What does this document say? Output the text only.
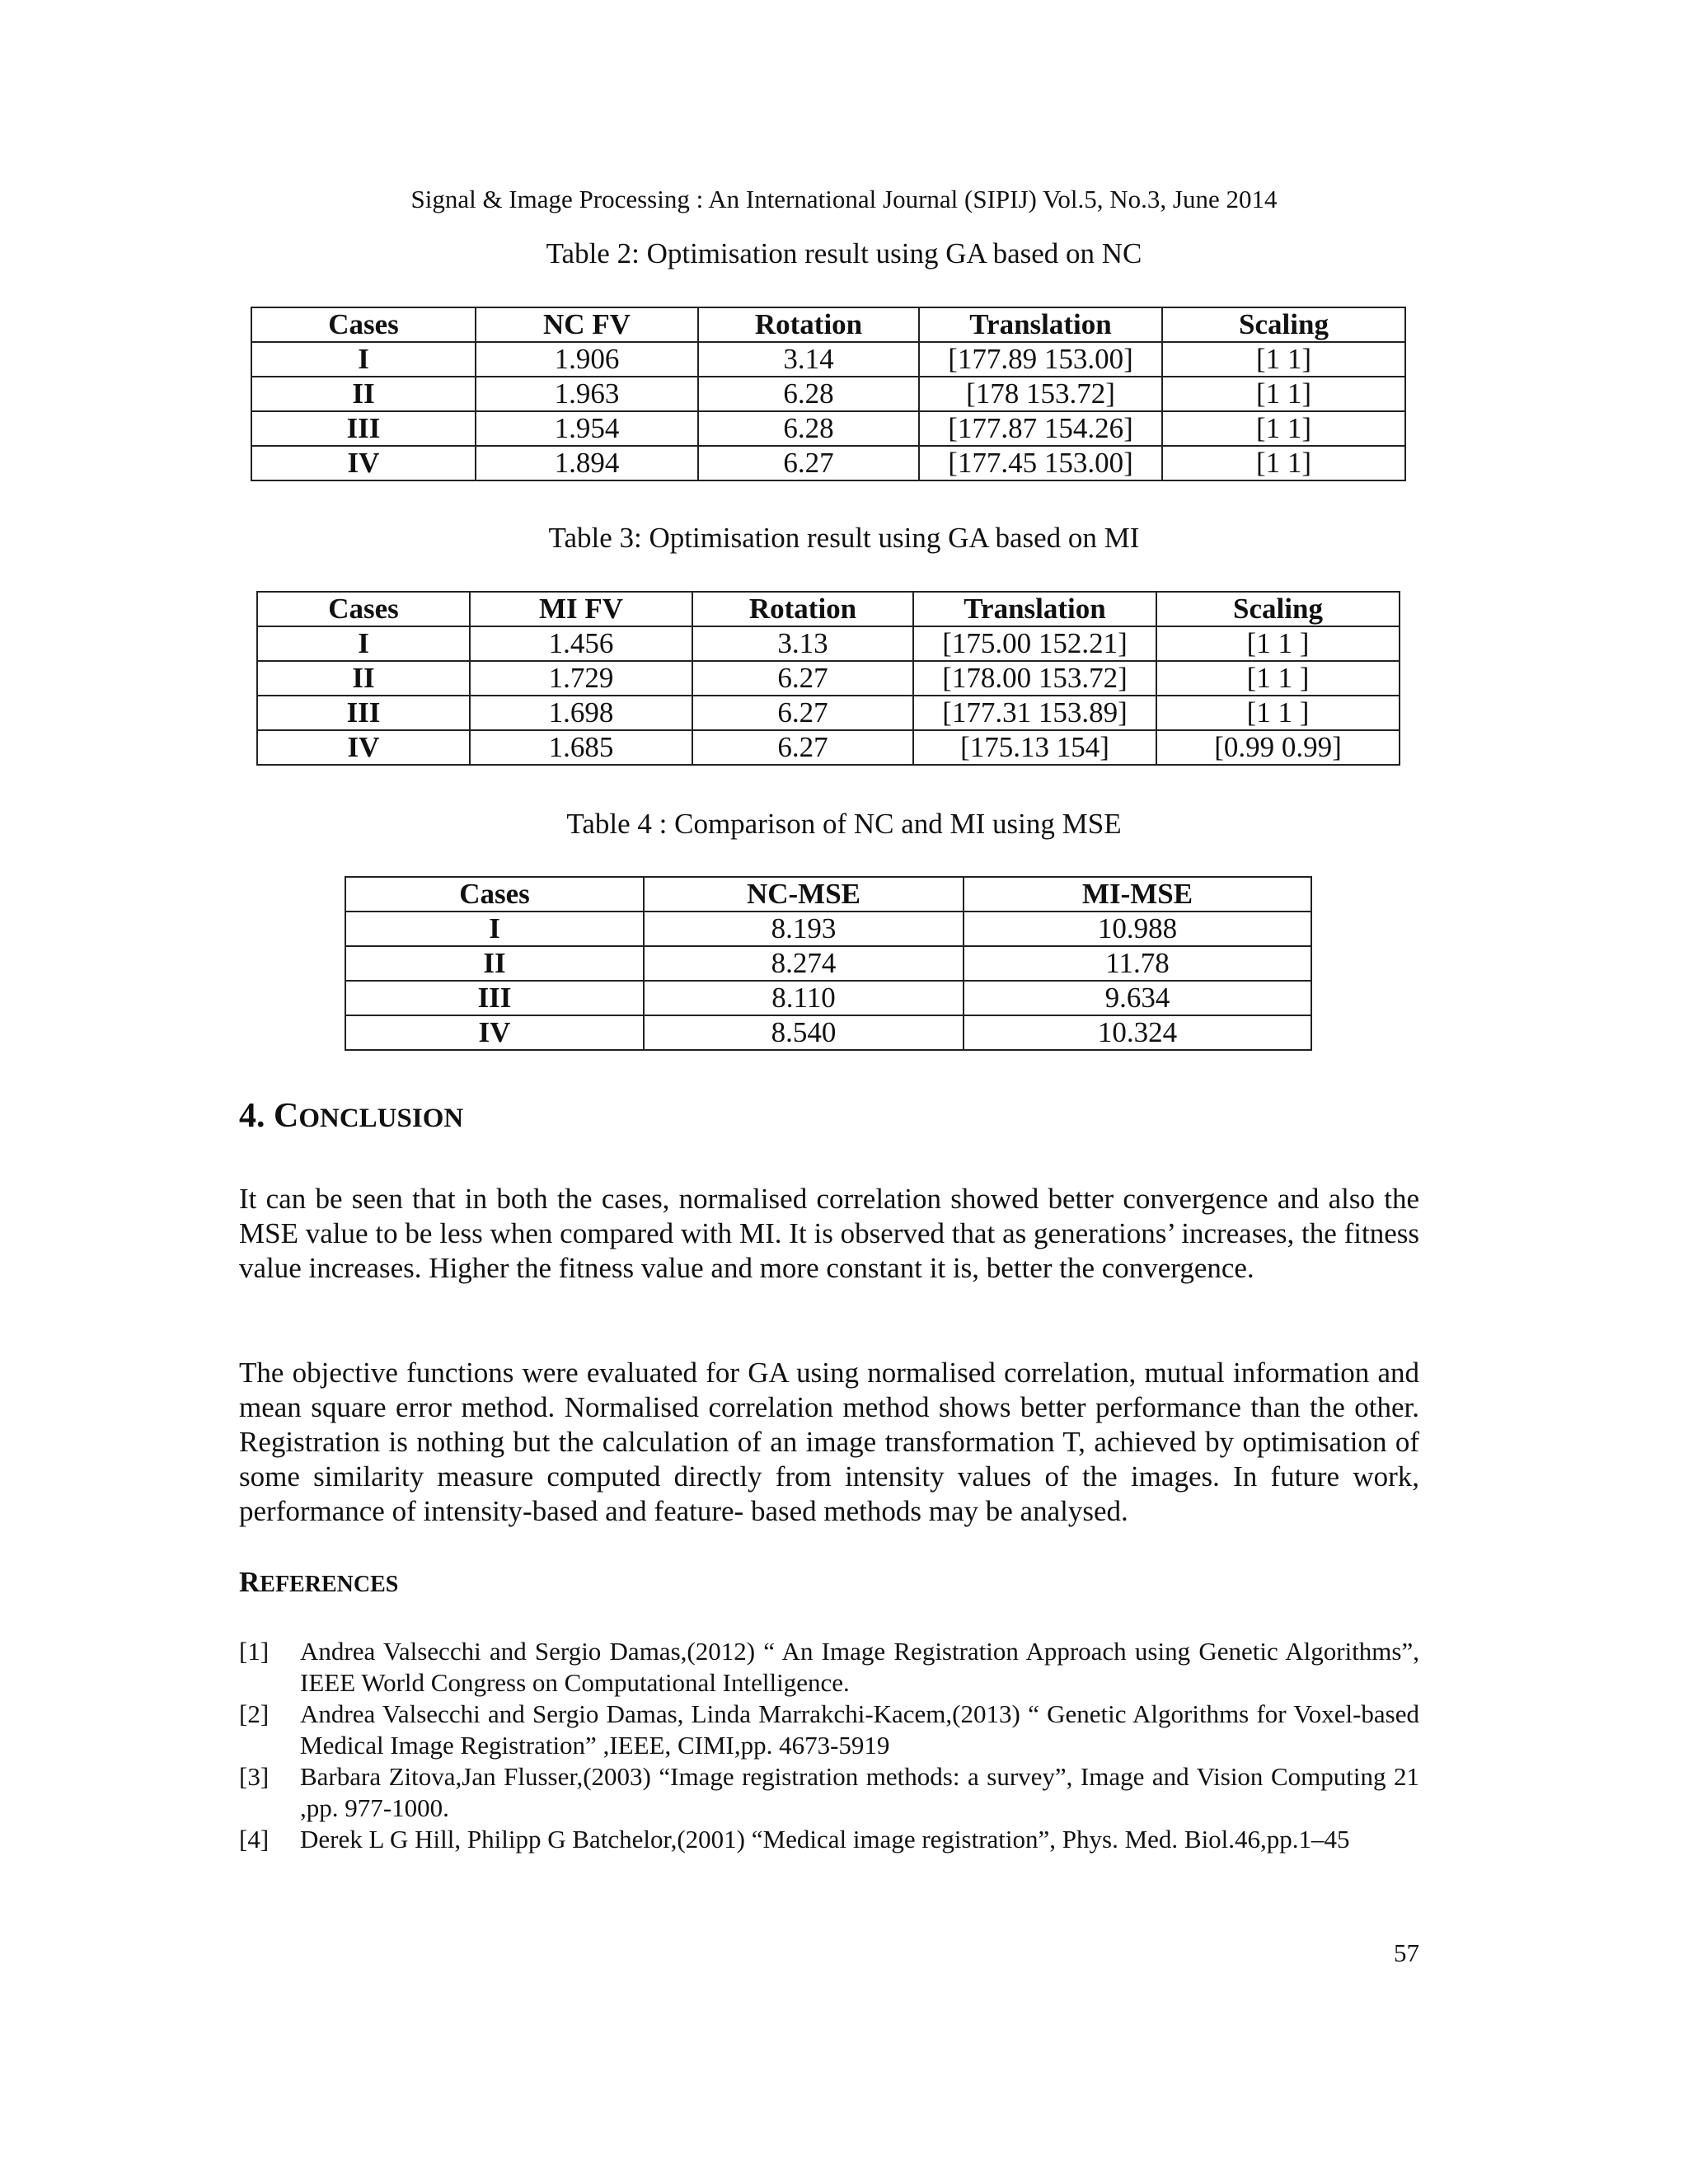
Signal & Image Processing : An International Journal (SIPIJ) Vol.5, No.3, June 2014
Table 2: Optimisation result using GA based on NC
Cases	NC FV	Rotation	Translation	Scaling
I	1.906	3.14	[177.89 153.00]	[1 1]
II	1.963	6.28	[178 153.72]	[1 1]
III	1.954	6.28	[177.87 154.26]	[1 1]
IV	1.894	6.27	[177.45 153.00]	[1 1]
Table 3: Optimisation result using GA based on MI
Cases	MI FV	Rotation	Translation	Scaling
I	1.456	3.13	[175.00 152.21]	[1 1 ]
II	1.729	6.27	[178.00 153.72]	[1 1 ]
III	1.698	6.27	[177.31 153.89]	[1 1 ]
IV	1.685	6.27	[175.13 154]	[0.99 0.99]
Table 4 : Comparison of NC and MI using MSE
Cases	NC-MSE	MI-MSE
I	8.193	10.988
II	8.274	11.78
III	8.110	9.634
IV	8.540	10.324
4. CONCLUSION
It can be seen that in both the cases, normalised correlation showed better convergence and also the MSE value to be less when compared with MI. It is observed that as generations’ increases, the fitness value increases. Higher the fitness value and more constant it is, better the convergence.
The objective functions were evaluated for GA using normalised correlation, mutual information and mean square error method. Normalised correlation method shows better performance than the other. Registration is nothing but the calculation of an image transformation T, achieved by optimisation of some similarity measure computed directly from intensity values of the images. In future work, performance of intensity-based and feature- based methods may be analysed.
REFERENCES
[1]	Andrea Valsecchi and Sergio Damas,(2012) “ An Image Registration Approach using Genetic Algorithms”, IEEE World Congress on Computational Intelligence.
[2]	Andrea Valsecchi and Sergio Damas, Linda Marrakchi-Kacem,(2013) “ Genetic Algorithms for Voxel-based Medical Image Registration” ,IEEE, CIMI,pp. 4673-5919
[3]	Barbara Zitova,Jan Flusser,(2003) “Image registration methods: a survey”, Image and Vision Computing 21 ,pp. 977-1000.
[4]	Derek L G Hill, Philipp G Batchelor,(2001) “Medical image registration”, Phys. Med. Biol.46,pp.1–45
57
